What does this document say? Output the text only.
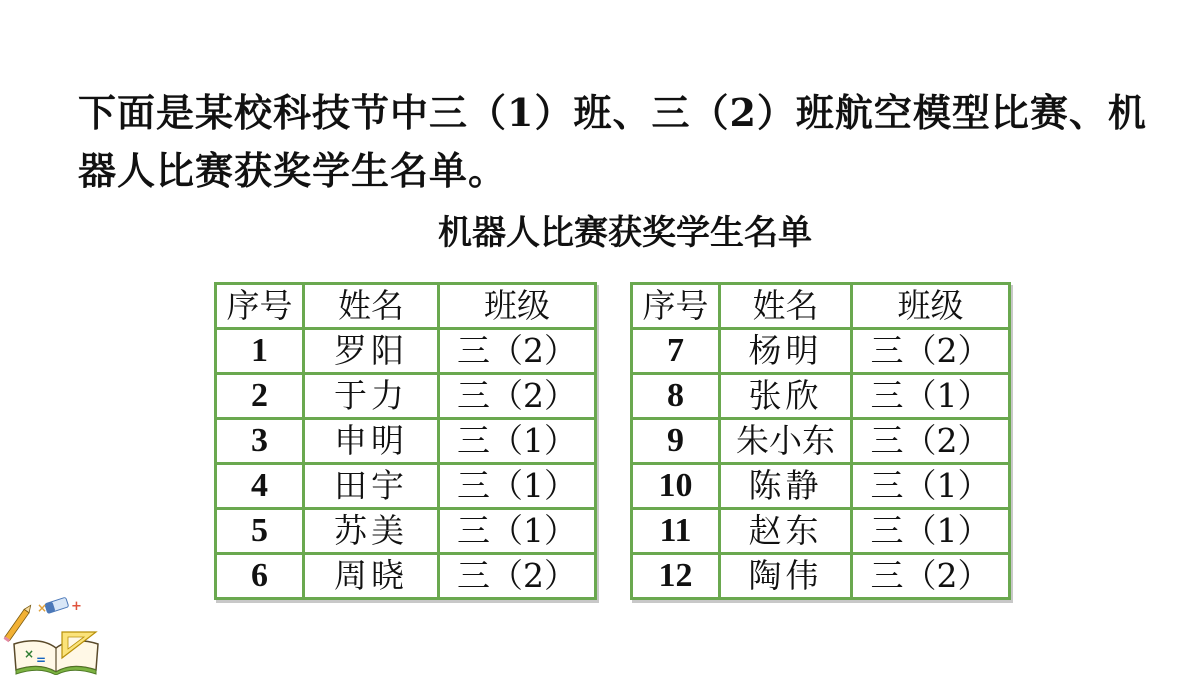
下面是某校科技节中三（1）班、三（2）班航空模型比赛、机器人比赛获奖学生名单。

机器人比赛获奖学生名单
序号	姓名	班级
1	罗阳	三（2）
2	于力	三（2）
3	申明	三（1）
4	田宇	三（1）
5	苏美	三（1）
6	周晓	三（2）
序号	姓名	班级
7	杨明	三（2）
8	张欣	三（1）
9	朱小东	三（2）
10	陈静	三（1）
11	赵东	三（1）
12	陶伟	三（2）
+
×
× =
